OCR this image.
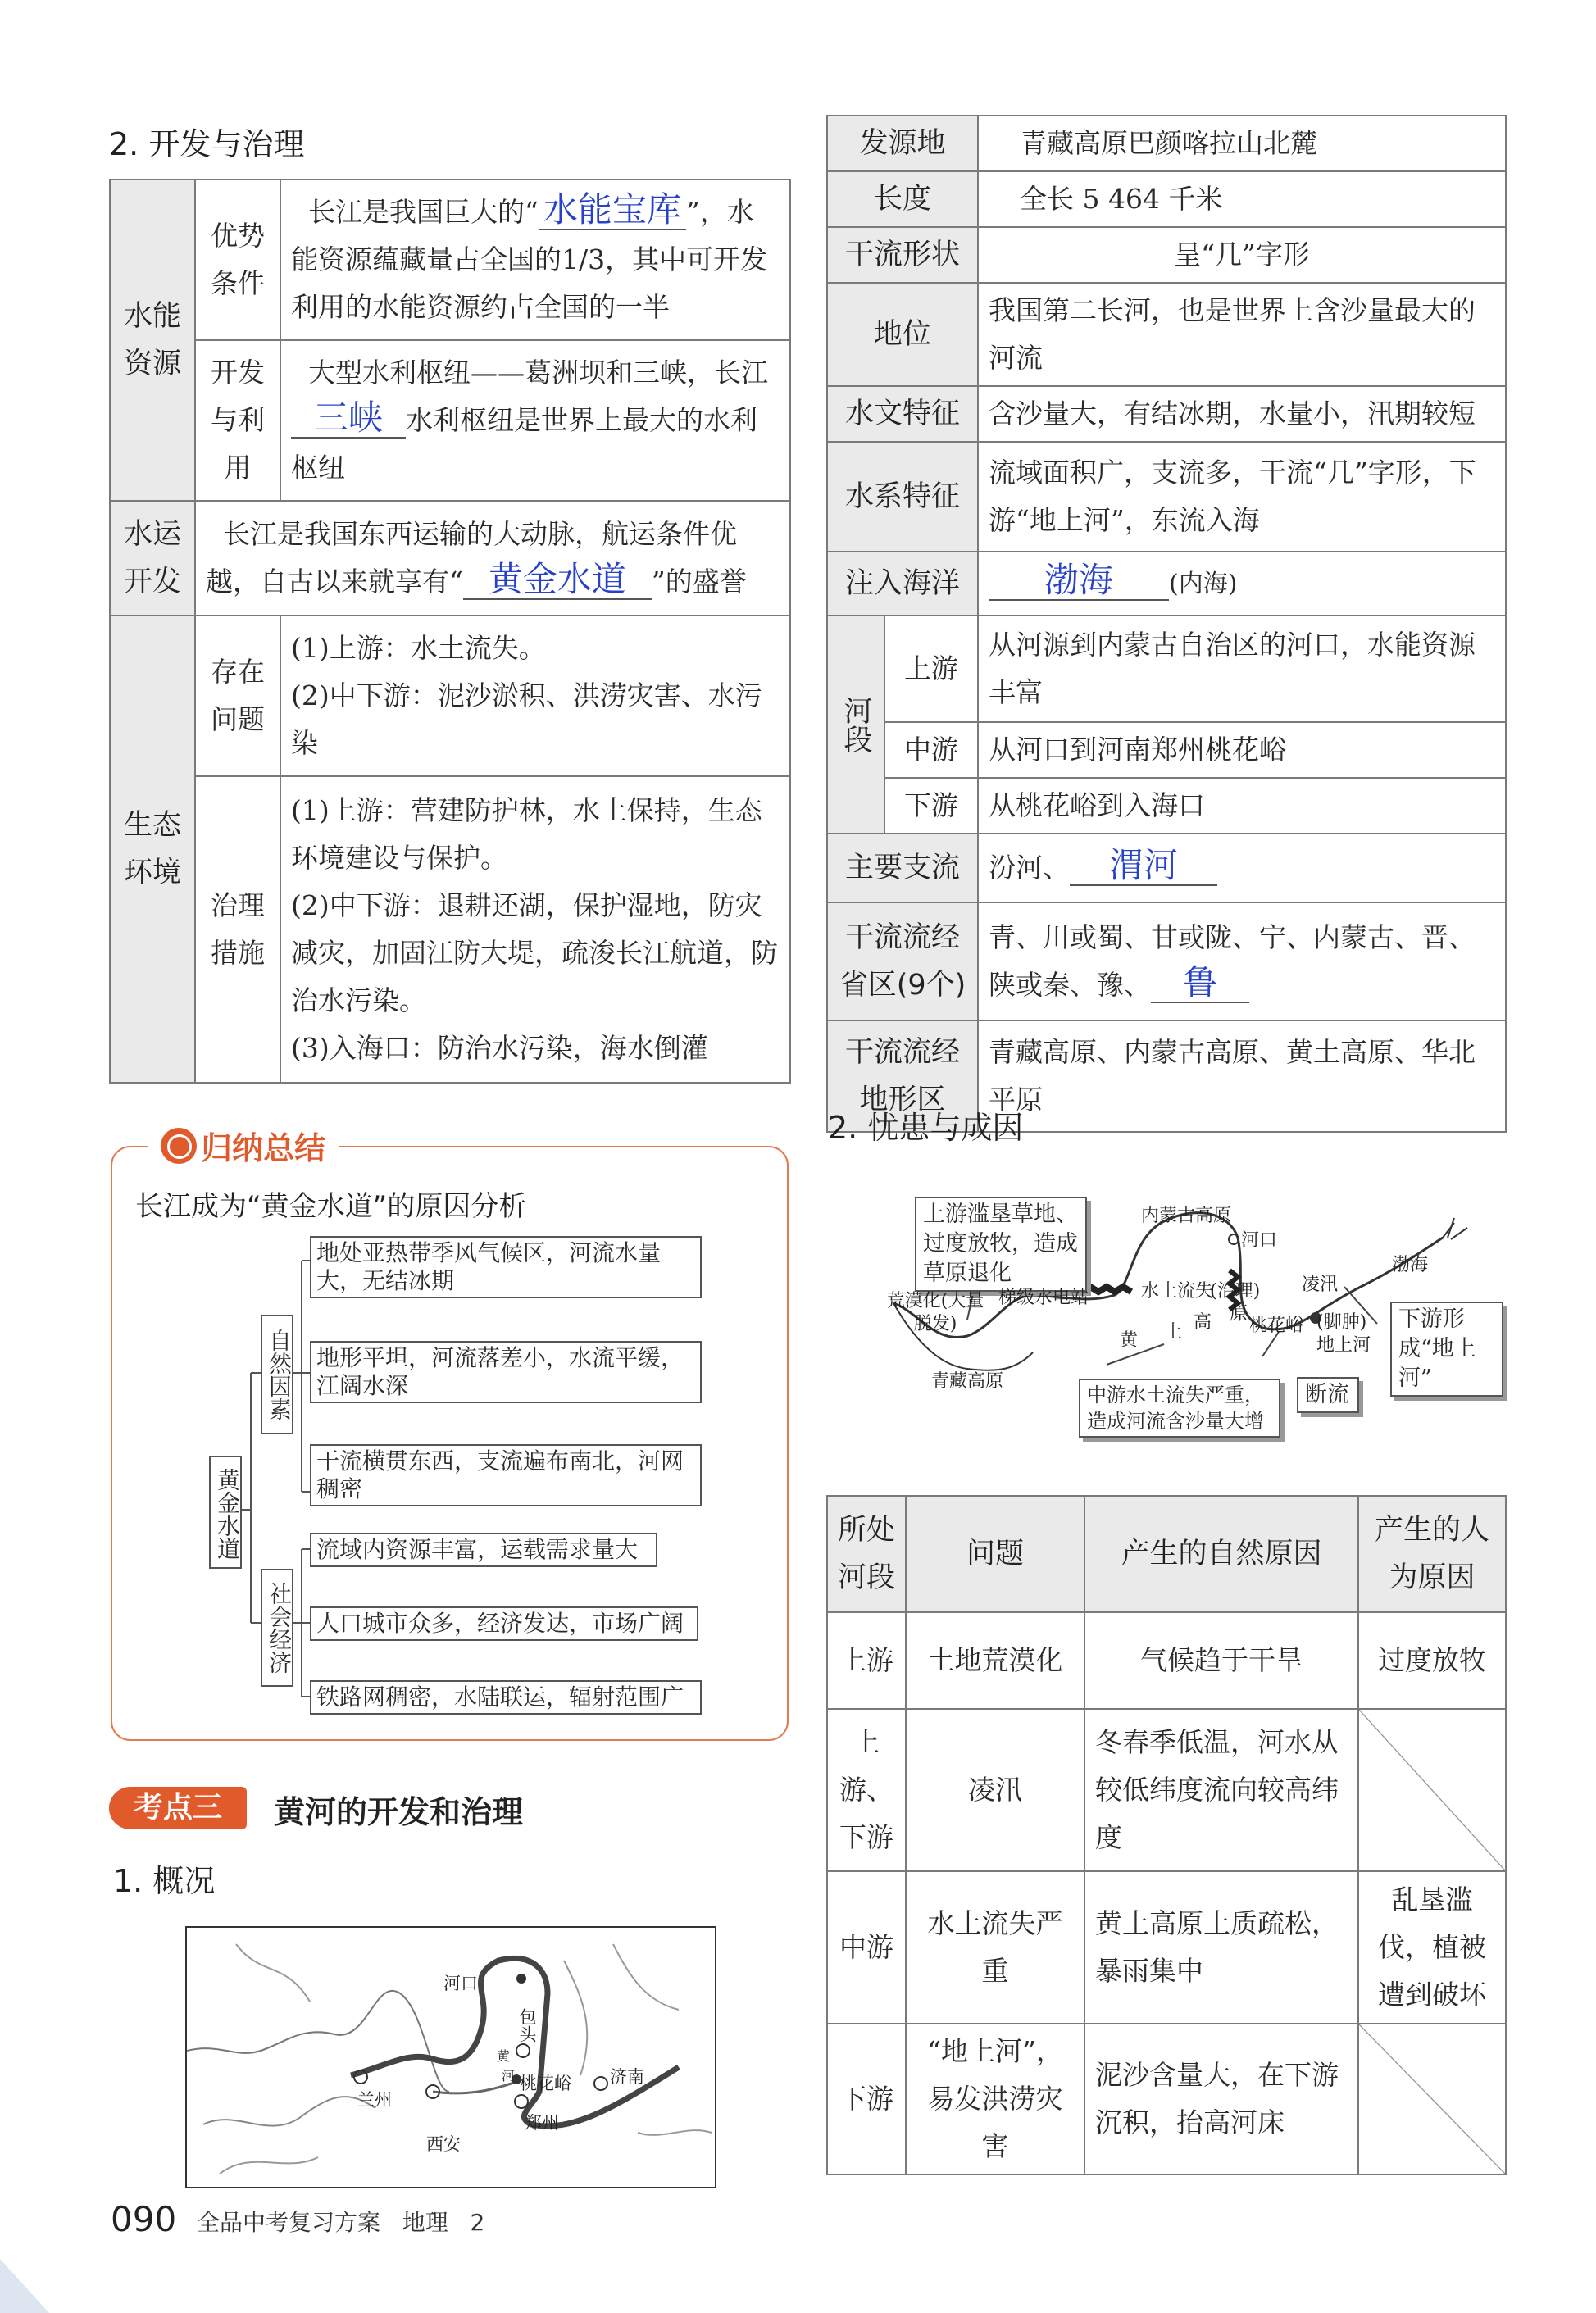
2. 开发与治理
水能资源	优势条件	长江是我国巨大的“ 水能宝库 ”，水能资源蕴藏量占全国的1/3，其中可开发利用的水能资源约占全国的一半
	开发与利用	大型水利枢纽——葛洲坝和三峡，长江三峡 水利枢纽是世界上最大的水利枢纽
水运开发	长江是我国东西运输的大动脉，航运条件优越，自古以来就享有“ 黄金水道 ”的盛誉	
生态环境	存在问题	(1)上游：水土流失。
(2)中下游：泥沙淤积、洪涝灾害、水污染

	治理措施	(1)上游：营建防护林，水土保持，生态环境建设与保护。
(2)中下游：退耕还湖，保护湿地，防灾减灾，加固江防大堤，疏浚长江航道，防治水污染。
(3)入海口：防治水污染，海水倒灌
归纳总结
长江成为“黄金水道”的原因分析
黄金水道
自然因素
社会经济
地处亚热带季风气候区，河流水量大，无结冰期
地形平坦，河流落差小，水流平缓，江阔水深
干流横贯东西，支流遍布南北，河网稠密
流域内资源丰富，运载需求量大
人口城市众多，经济发达，市场广阔
铁路网稠密，水陆联运，辐射范围广
考点三	黄河的开发和治理
1. 概况
河口
包头
兰州
西安
郑州
桃花峪 济南
黄
河
090 全品中考复习方案 地理 2
发源地		青藏高原巴颜喀拉山北麓
长度		全长 5 464 千米
干流形状		呈“几”字形
地位		我国第二长河，也是世界上含沙量最大的河流
水文特征		含沙量大，有结冰期，水量小，汛期较短
水系特征		流域面积广，支流多，干流“几”字形，下游“地上河”，东流入海
注入海洋		渤海 (内海)
河段	上游	从河源到内蒙古自治区的河口，水能资源丰富
	中游	从河口到河南郑州桃花峪
	下游	从桃花峪到入海口
主要支流		汾河、 渭河
干流流经省区(9个)		青、川或蜀、甘或陇、宁、内蒙古、晋、陕或秦、豫、 鲁
干流流经地形区		青藏高原、内蒙古高原、黄土高原、华北平原
2. 忧患与成因
上游滥垦草地、过度放牧，造成草原退化
下游形成“地上河”
中游水土流失严重，造成河流含沙量大增
断流
内蒙古高原
河口
渤海
荒漠化(大量脱发)
梯级水电站	水土流失
(治理) 凌汛
原
桃花峪 (脚肿)地上河
黄 土 高
青藏高原
所处河段	问题	产生的自然原因	产生的人为原因
上游	土地荒漠化	气候趋于干旱	过度放牧
上游、下游	凌汛	冬春季低温，河水从较低纬度流向较高纬度	
中游	水土流失严重	黄土高原土质疏松，暴雨集中	乱垦滥伐，植被遭到破坏
下游	“地上河”，易发洪涝灾害	泥沙含量大，在下游沉积，抬高河床	
